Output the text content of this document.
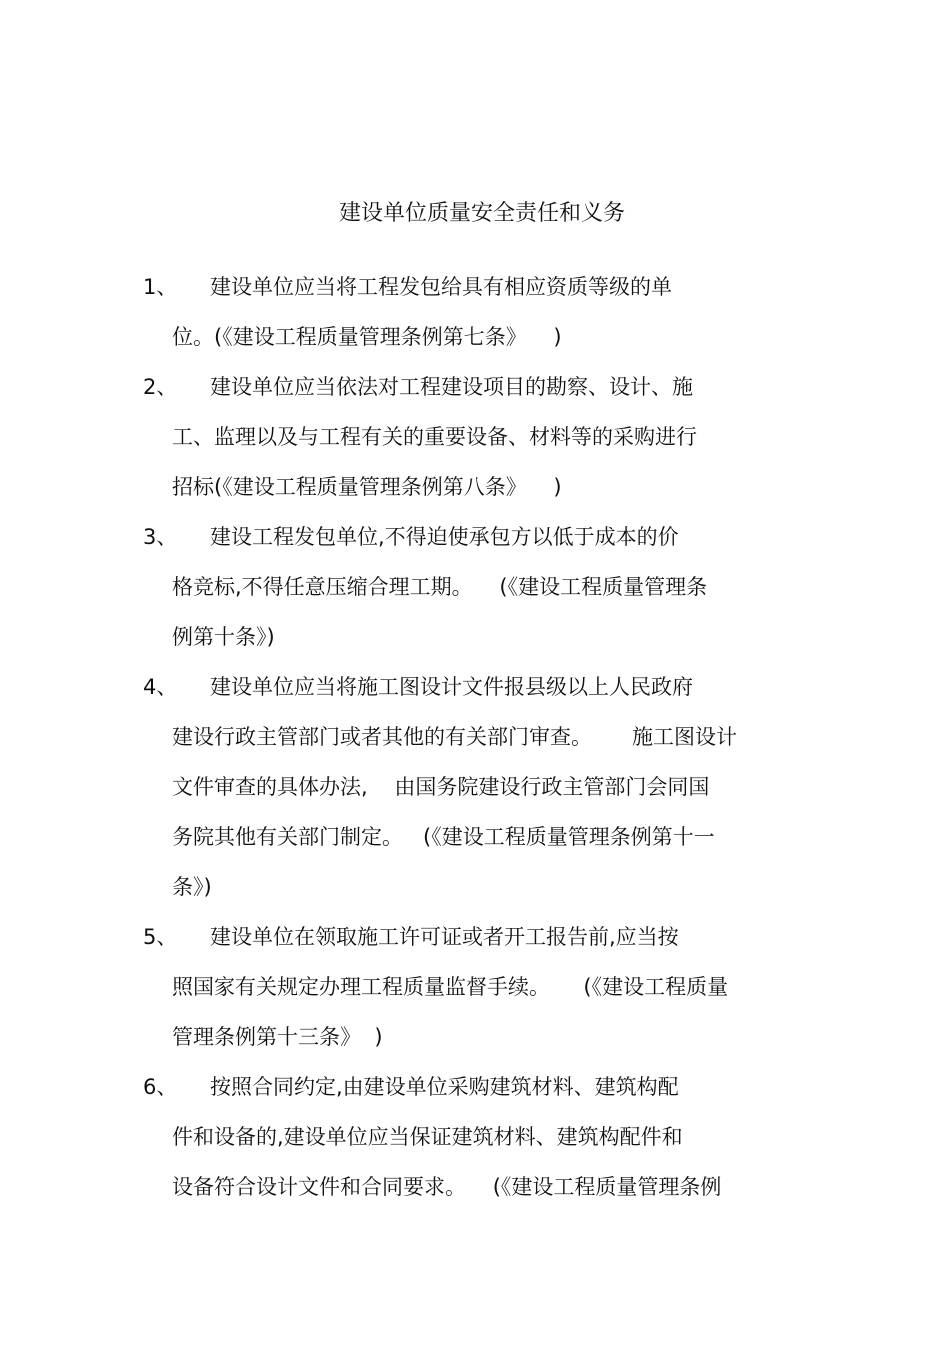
建设单位质量安全责任和义务
1、 建设单位应当将工程发包给具有相应资质等级的单
位。(《建设工程质量管理条例第七条》    )
2、 建设单位应当依法对工程建设项目的勘察、设计、施
工、监理以及与工程有关的重要设备、材料等的采购进行
招标(《建设工程质量管理条例第八条》    )
3、 建设工程发包单位,不得迫使承包方以低于成本的价
格竞标,不得任意压缩合理工期。    (《建设工程质量管理条
例第十条》)
4、 建设单位应当将施工图设计文件报县级以上人民政府
建设行政主管部门或者其他的有关部门审查。      施工图设计
文件审查的具体办法,    由国务院建设行政主管部门会同国
务院其他有关部门制定。   (《建设工程质量管理条例第十一
条》)
5、 建设单位在领取施工许可证或者开工报告前,应当按
照国家有关规定办理工程质量监督手续。     (《建设工程质量
管理条例第十三条》  )
6、 按照合同约定,由建设单位采购建筑材料、建筑构配
件和设备的,建设单位应当保证建筑材料、建筑构配件和
设备符合设计文件和合同要求。    (《建设工程质量管理条例
